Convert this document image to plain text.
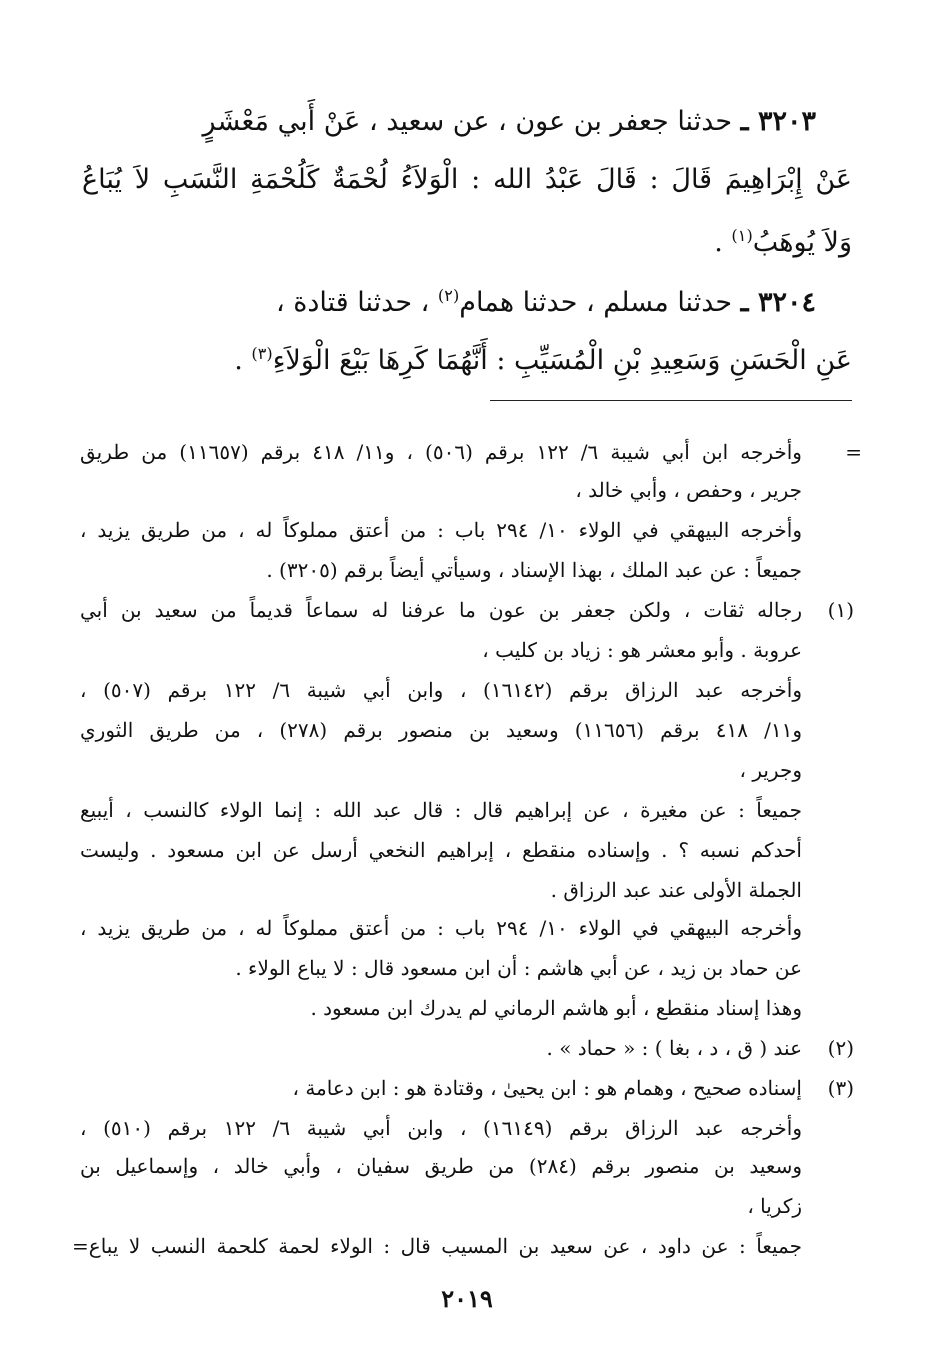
٣٢٠٣ ـ حدثنا جعفر بن عون ، عن سعيد ، عَنْ أَبي مَعْشَرٍ
عَنْ إِبْرَاهِيمَ قَالَ : قَالَ عَبْدُ الله : الْوَلاَءُ لُحْمَةٌ كَلُحْمَةِ النَّسَبِ لاَ يُبَاعُ
وَلاَ يُوهَبُ$^{(١)}$ .
٣٢٠٤ ـ حدثنا مسلم ، حدثنا همام$^{(٢)}$ ، حدثنا قتادة ،
عَنِ الْحَسَنِ وَسَعِيدِ بْنِ الْمُسَيِّبِ : أَنَّهُمَا كَرِهَا بَيْعَ الْوَلاَءِ$^{(٣)}$ .
=
وأخرجه ابن أبي شيبة ٦/ ١٢٢ برقم (٥٠٦) ، و١١/ ٤١٨ برقم (١١٦٥٧) من طريق
جرير ، وحفص ، وأبي خالد ،
وأخرجه البيهقي في الولاء ١٠/ ٢٩٤ باب : من أعتق مملوكاً له ، من طريق يزيد ،
جميعاً : عن عبد الملك ، بهذا الإسناد ، وسيأتي أيضاً برقم (٣٢٠٥) .
(١)
رجاله ثقات ، ولكن جعفر بن عون ما عرفنا له سماعاً قديماً من سعيد بن أبي
عروبة . وأبو معشر هو : زياد بن كليب ،
وأخرجه عبد الرزاق برقم (١٦١٤٢) ، وابن أبي شيبة ٦/ ١٢٢ برقم (٥٠٧) ،
و١١/ ٤١٨ برقم (١١٦٥٦) وسعيد بن منصور برقم (٢٧٨) ، من طريق الثوري
وجرير ،
جميعاً : عن مغيرة ، عن إبراهيم قال : قال عبد الله : إنما الولاء كالنسب ، أيبيع
أحدكم نسبه ؟ . وإسناده منقطع ، إبراهيم النخعي أرسل عن ابن مسعود . وليست
الجملة الأولى عند عبد الرزاق .
وأخرجه البيهقي في الولاء ١٠/ ٢٩٤ باب : من أعتق مملوكاً له ، من طريق يزيد ،
عن حماد بن زيد ، عن أبي هاشم : أن ابن مسعود قال : لا يباع الولاء .
وهذا إسناد منقطع ، أبو هاشم الرماني لم يدرك ابن مسعود .
(٢)
عند ( ق ، د ، بغا ) : « حماد » .
(٣)
إسناده صحيح ، وهمام هو : ابن يحيىٰ ، وقتادة هو : ابن دعامة ،
وأخرجه عبد الرزاق برقم (١٦١٤٩) ، وابن أبي شيبة ٦/ ١٢٢ برقم (٥١٠) ،
وسعيد بن منصور برقم (٢٨٤) من طريق سفيان ، وأبي خالد ، وإسماعيل بن
زكريا ،
جميعاً : عن داود ، عن سعيد بن المسيب قال : الولاء لحمة كلحمة النسب لا يباع=
٢٠١٩
